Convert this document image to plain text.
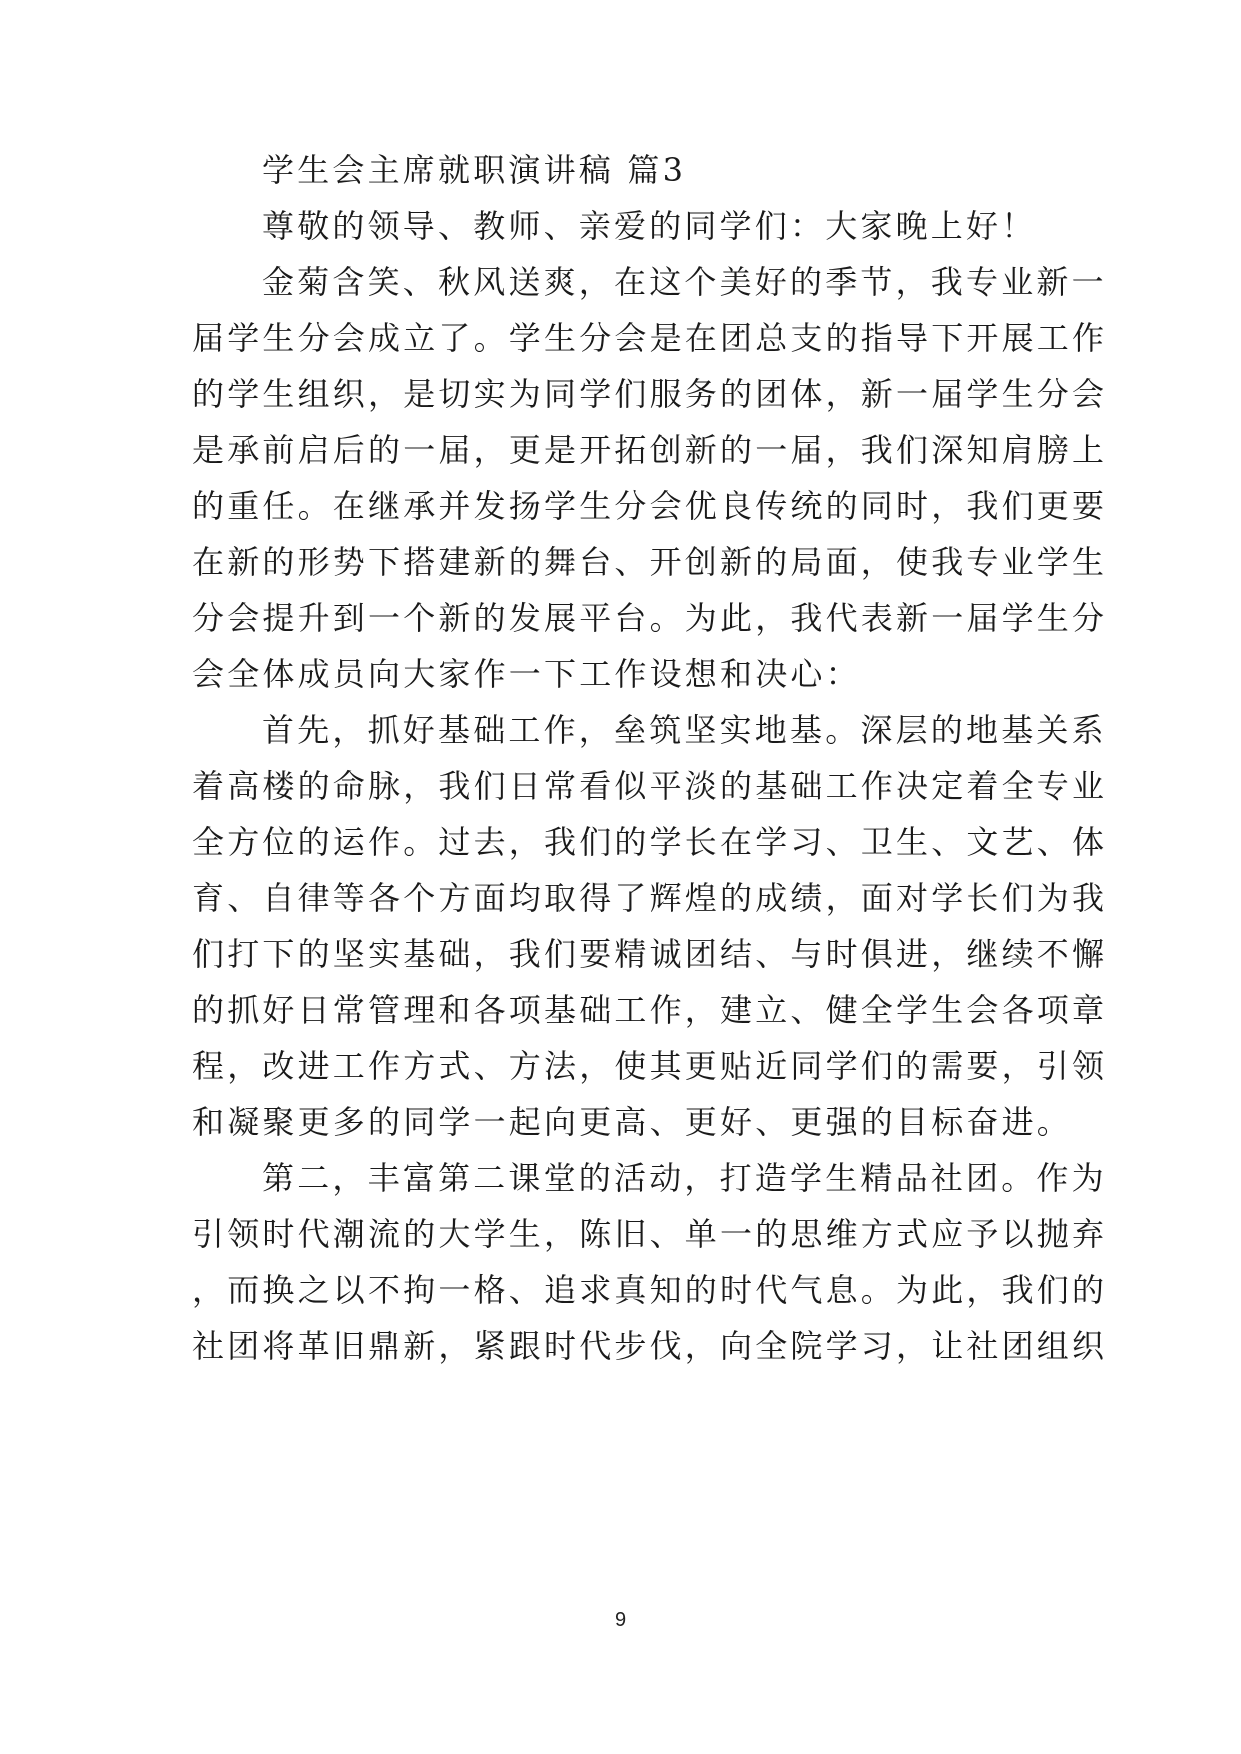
学生会主席就职演讲稿 篇3
尊敬的领导、教师、亲爱的同学们：大家晚上好！
金菊含笑、秋风送爽，在这个美好的季节，我专业新一
届学生分会成立了。学生分会是在团总支的指导下开展工作
的学生组织，是切实为同学们服务的团体，新一届学生分会
是承前启后的一届，更是开拓创新的一届，我们深知肩膀上
的重任。在继承并发扬学生分会优良传统的同时，我们更要
在新的形势下搭建新的舞台、开创新的局面，使我专业学生
分会提升到一个新的发展平台。为此，我代表新一届学生分
会全体成员向大家作一下工作设想和决心：
首先，抓好基础工作，垒筑坚实地基。深层的地基关系
着高楼的命脉，我们日常看似平淡的基础工作决定着全专业
全方位的运作。过去，我们的学长在学习、卫生、文艺、体
育、自律等各个方面均取得了辉煌的成绩，面对学长们为我
们打下的坚实基础，我们要精诚团结、与时俱进，继续不懈
的抓好日常管理和各项基础工作，建立、健全学生会各项章
程，改进工作方式、方法，使其更贴近同学们的需要，引领
和凝聚更多的同学一起向更高、更好、更强的目标奋进。
第二，丰富第二课堂的活动，打造学生精品社团。作为
引领时代潮流的大学生，陈旧、单一的思维方式应予以抛弃
，而换之以不拘一格、追求真知的时代气息。为此，我们的
社团将革旧鼎新，紧跟时代步伐，向全院学习，让社团组织
9
